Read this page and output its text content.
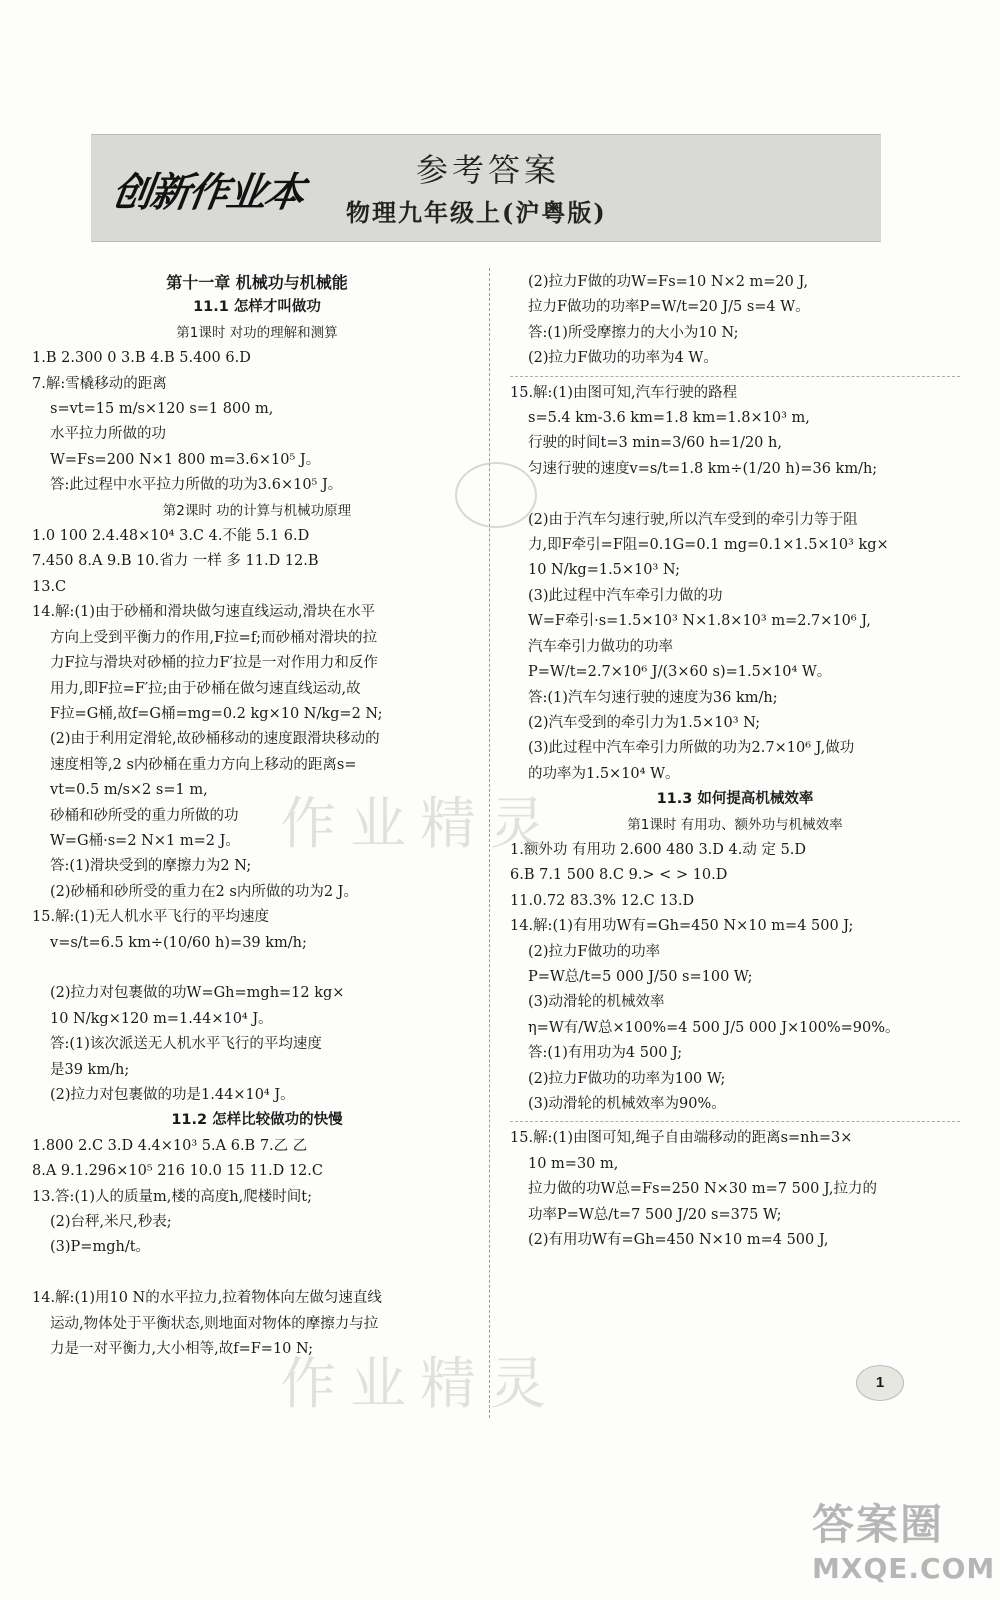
创新作业本	参考答案
物理九年级上(沪粤版)
第十一章 机械功与机械能
11.1 怎样才叫做功
第1课时 对功的理解和测算
1.B 2.300 0 3.B 4.B 5.400 6.D
7.解:雪橇移动的距离
s=vt=15 m/s×120 s=1 800 m,
水平拉力所做的功
W=Fs=200 N×1 800 m=3.6×10⁵ J。
答:此过程中水平拉力所做的功为3.6×10⁵ J。
第2课时 功的计算与机械功原理
1.0 100 2.4.48×10⁴ 3.C 4.不能 5.1 6.D
7.450 8.A 9.B 10.省力 一样 多 11.D 12.B
13.C
14.解:(1)由于砂桶和滑块做匀速直线运动,滑块在水平
方向上受到平衡力的作用,F拉=f;而砂桶对滑块的拉
力F拉与滑块对砂桶的拉力F′拉是一对作用力和反作
用力,即F拉=F′拉;由于砂桶在做匀速直线运动,故
F拉=G桶,故f=G桶=mg=0.2 kg×10 N/kg=2 N;
(2)由于利用定滑轮,故砂桶移动的速度跟滑块移动的
速度相等,2 s内砂桶在重力方向上移动的距离s=
vt=0.5 m/s×2 s=1 m,
砂桶和砂所受的重力所做的功
W=G桶·s=2 N×1 m=2 J。
答:(1)滑块受到的摩擦力为2 N;
(2)砂桶和砂所受的重力在2 s内所做的功为2 J。
15.解:(1)无人机水平飞行的平均速度
v=s/t=6.5 km÷(10/60 h)=39 km/h;

(2)拉力对包裹做的功W=Gh=mgh=12 kg×
10 N/kg×120 m=1.44×10⁴ J。
答:(1)该次派送无人机水平飞行的平均速度
是39 km/h;
(2)拉力对包裹做的功是1.44×10⁴ J。
11.2 怎样比较做功的快慢
1.800 2.C 3.D 4.4×10³ 5.A 6.B 7.乙 乙
8.A 9.1.296×10⁵ 216 10.0 15 11.D 12.C
13.答:(1)人的质量m,楼的高度h,爬楼时间t;
(2)台秤,米尺,秒表;
(3)P=mgh/t。

14.解:(1)用10 N的水平拉力,拉着物体向左做匀速直线
运动,物体处于平衡状态,则地面对物体的摩擦力与拉
力是一对平衡力,大小相等,故f=F=10 N;
(2)拉力F做的功W=Fs=10 N×2 m=20 J,
拉力F做功的功率P=W/t=20 J/5 s=4 W。
答:(1)所受摩擦力的大小为10 N;
(2)拉力F做功的功率为4 W。
15.解:(1)由图可知,汽车行驶的路程
s=5.4 km-3.6 km=1.8 km=1.8×10³ m,
行驶的时间t=3 min=3/60 h=1/20 h,
匀速行驶的速度v=s/t=1.8 km÷(1/20 h)=36 km/h;

(2)由于汽车匀速行驶,所以汽车受到的牵引力等于阻
力,即F牵引=F阻=0.1G=0.1 mg=0.1×1.5×10³ kg×
10 N/kg=1.5×10³ N;
(3)此过程中汽车牵引力做的功
W=F牵引·s=1.5×10³ N×1.8×10³ m=2.7×10⁶ J,
汽车牵引力做功的功率
P=W/t=2.7×10⁶ J/(3×60 s)=1.5×10⁴ W。
答:(1)汽车匀速行驶的速度为36 km/h;
(2)汽车受到的牵引力为1.5×10³ N;
(3)此过程中汽车牵引力所做的功为2.7×10⁶ J,做功
的功率为1.5×10⁴ W。
11.3 如何提高机械效率
第1课时 有用功、额外功与机械效率
1.额外功 有用功 2.600 480 3.D 4.动 定 5.D
6.B 7.1 500 8.C 9.> < > 10.D
11.0.72 83.3% 12.C 13.D
14.解:(1)有用功W有=Gh=450 N×10 m=4 500 J;
(2)拉力F做功的功率
P=W总/t=5 000 J/50 s=100 W;
(3)动滑轮的机械效率
η=W有/W总×100%=4 500 J/5 000 J×100%=90%。
答:(1)有用功为4 500 J;
(2)拉力F做功的功率为100 W;
(3)动滑轮的机械效率为90%。
15.解:(1)由图可知,绳子自由端移动的距离s=nh=3×
10 m=30 m,
拉力做的功W总=Fs=250 N×30 m=7 500 J,拉力的
功率P=W总/t=7 500 J/20 s=375 W;
(2)有用功W有=Gh=450 N×10 m=4 500 J,
作业精灵
作业精灵	1
答案圈
MXQE.COM
